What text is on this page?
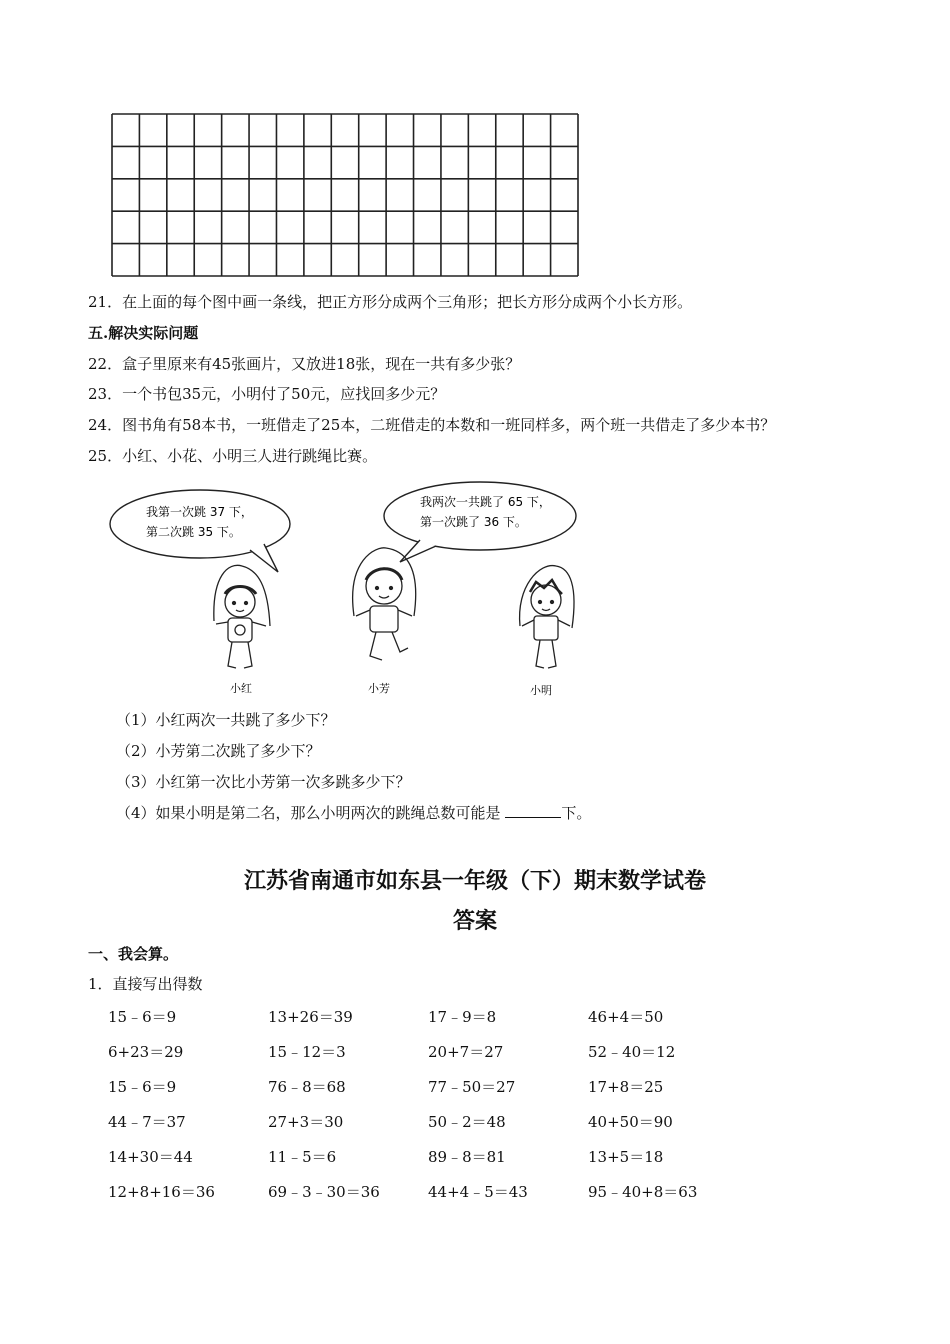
21．在上面的每个图中画一条线，把正方形分成两个三角形；把长方形分成两个小长方形。
五.解决实际问题
22．盒子里原来有45张画片，又放进18张，现在一共有多少张？
23．一个书包35元，小明付了50元，应找回多少元？
24．图书角有58本书，一班借走了25本，二班借走的本数和一班同样多，两个班一共借走了多少本书？
25．小红、小花、小明三人进行跳绳比赛。
我第一次跳 37 下，
第二次跳 35 下。
我两次一共跳了 65 下，
第一次跳了 36 下。
小红	小芳	小明
（1）小红两次一共跳了多少下？
（2）小芳第二次跳了多少下？
（3）小红第一次比小芳第一次多跳多少下？
（4）如果小明是第二名，那么小明两次的跳绳总数可能是	下。
江苏省南通市如东县一年级（下）期末数学试卷
答案
一、我会算。
1．直接写出得数
15﹣6＝9	13+26＝39	17﹣9＝8	46+4＝50
6+23＝29	15﹣12＝3	20+7＝27	52﹣40＝12
15﹣6＝9	76﹣8＝68	77﹣50＝27	17+8＝25
44﹣7＝37	27+3＝30	50﹣2＝48	40+50＝90
14+30＝44	11﹣5＝6	89﹣8＝81	13+5＝18
12+8+16＝36	69﹣3﹣30＝36	44+4﹣5＝43	95﹣40+8＝63
